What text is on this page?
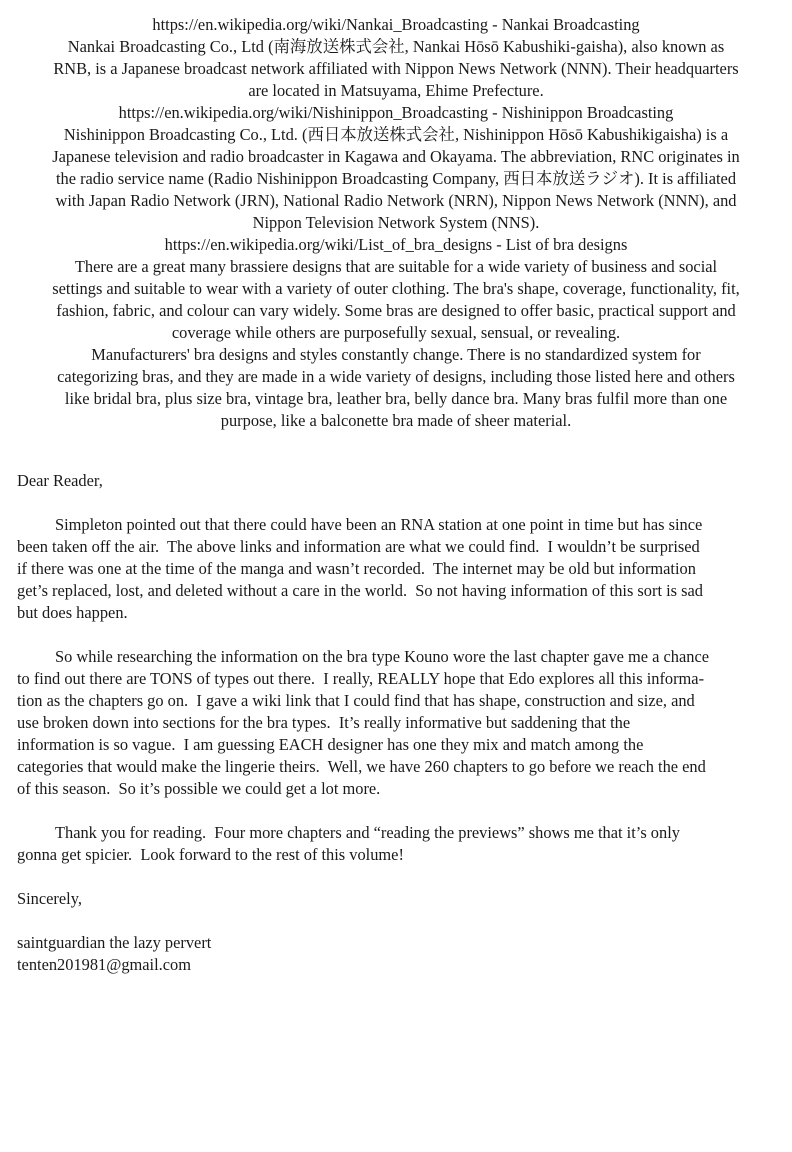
https://en.wikipedia.org/wiki/Nankai_Broadcasting - Nankai Broadcasting
Nankai Broadcasting Co., Ltd (南海放送株式会社, Nankai Hōsō Kabushiki-gaisha), also known as
RNB, is a Japanese broadcast network affiliated with Nippon News Network (NNN). Their headquarters
are located in Matsuyama, Ehime Prefecture.
https://en.wikipedia.org/wiki/Nishinippon_Broadcasting - Nishinippon Broadcasting
Nishinippon Broadcasting Co., Ltd. (西日本放送株式会社, Nishinippon Hōsō Kabushikigaisha) is a
Japanese television and radio broadcaster in Kagawa and Okayama. The abbreviation, RNC originates in
the radio service name (Radio Nishinippon Broadcasting Company, 西日本放送ラジオ). It is affiliated
with Japan Radio Network (JRN), National Radio Network (NRN), Nippon News Network (NNN), and
Nippon Television Network System (NNS).
https://en.wikipedia.org/wiki/List_of_bra_designs - List of bra designs
There are a great many brassiere designs that are suitable for a wide variety of business and social
settings and suitable to wear with a variety of outer clothing. The bra's shape, coverage, functionality, fit,
fashion, fabric, and colour can vary widely. Some bras are designed to offer basic, practical support and
coverage while others are purposefully sexual, sensual, or revealing.
Manufacturers' bra designs and styles constantly change. There is no standardized system for
categorizing bras, and they are made in a wide variety of designs, including those listed here and others
like bridal bra, plus size bra, vintage bra, leather bra, belly dance bra. Many bras fulfil more than one
purpose, like a balconette bra made of sheer material.
Dear Reader,
Simpleton pointed out that there could have been an RNA station at one point in time but has since
been taken off the air.  The above links and information are what we could find.  I wouldn’t be surprised
if there was one at the time of the manga and wasn’t recorded.  The internet may be old but information
get’s replaced, lost, and deleted without a care in the world.  So not having information of this sort is sad
but does happen.
So while researching the information on the bra type Kouno wore the last chapter gave me a chance
to find out there are TONS of types out there.  I really, REALLY hope that Edo explores all this informa-
tion as the chapters go on.  I gave a wiki link that I could find that has shape, construction and size, and
use broken down into sections for the bra types.  It’s really informative but saddening that the
information is so vague.  I am guessing EACH designer has one they mix and match among the
categories that would make the lingerie theirs.  Well, we have 260 chapters to go before we reach the end
of this season.  So it’s possible we could get a lot more.
Thank you for reading.  Four more chapters and “reading the previews” shows me that it’s only
gonna get spicier.  Look forward to the rest of this volume!
Sincerely,
saintguardian the lazy pervert
tenten201981@gmail.com
